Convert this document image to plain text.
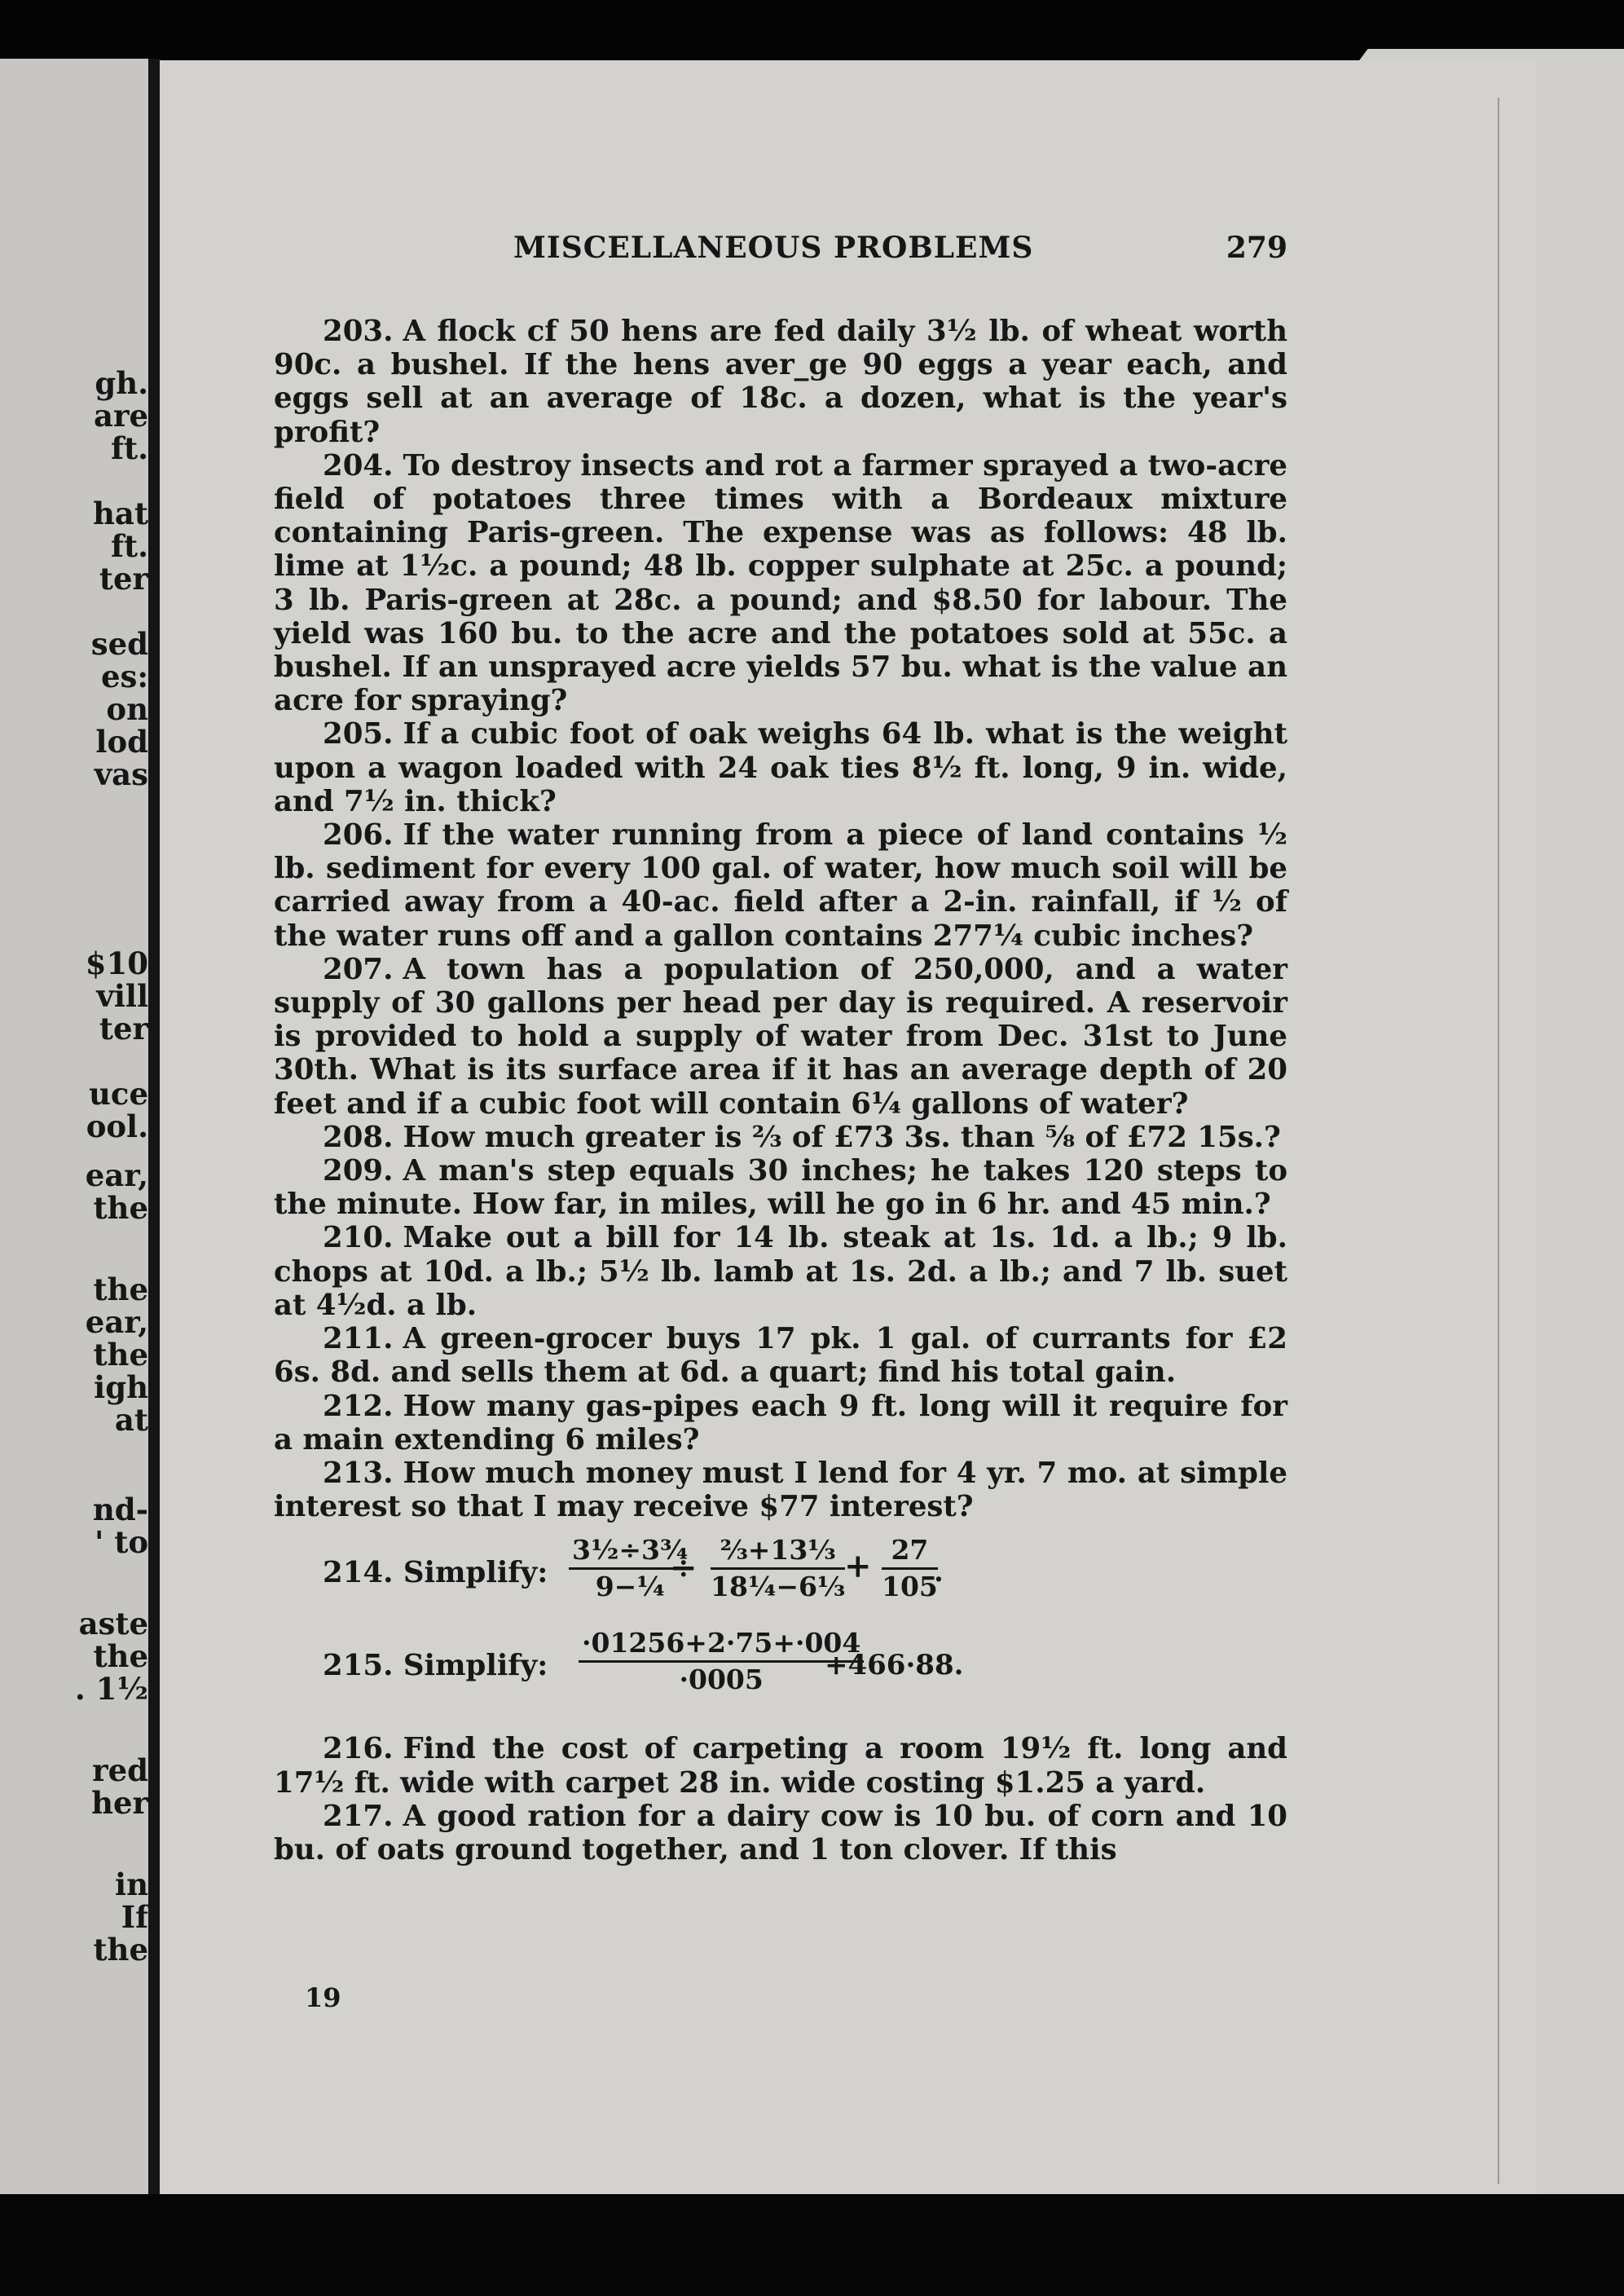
gh.
are
ft.
hat
ft.
ter
sed
es:
on
lod
vas
$10
vill
ter
uce
ool.
ear,
the
the
ear,
the
igh
at
nd-
' to
aste
the
. 1½
red
her
in
If
the
MISCELLANEOUS PROBLEMS	279

203. A flock cf 50 hens are fed daily 3½ lb. of wheat worth 90c. a bushel. If the hens aver_ge 90 eggs a year each, and eggs sell at an average of 18c. a dozen, what is the year's profit?

204. To destroy insects and rot a farmer sprayed a two-acre field of potatoes three times with a Bordeaux mixture containing Paris-green. The expense was as follows: 48 lb. lime at 1½c. a pound; 48 lb. copper sulphate at 25c. a pound; 3 lb. Paris-green at 28c. a pound; and $8.50 for labour. The yield was 160 bu. to the acre and the potatoes sold at 55c. a bushel. If an unsprayed acre yields 57 bu. what is the value an acre for spraying?

205. If a cubic foot of oak weighs 64 lb. what is the weight upon a wagon loaded with 24 oak ties 8½ ft. long, 9 in. wide, and 7½ in. thick?

206. If the water running from a piece of land contains ½ lb. sediment for every 100 gal. of water, how much soil will be carried away from a 40-ac. field after a 2-in. rainfall, if ½ of the water runs off and a gallon contains 277¼ cubic inches?

207. A town has a population of 250,000, and a water supply of 30 gallons per head per day is required. A reservoir is provided to hold a supply of water from Dec. 31st to June 30th. What is its surface area if it has an average depth of 20 feet and if a cubic foot will contain 6¼ gallons of water?

208. How much greater is ⅔ of £73 3s. than ⅝ of £72 15s.?

209. A man's step equals 30 inches; he takes 120 steps to the minute. How far, in miles, will he go in 6 hr. and 45 min.?

210. Make out a bill for 14 lb. steak at 1s. 1d. a lb.; 9 lb. chops at 10d. a lb.; 5½ lb. lamb at 1s. 2d. a lb.; and 7 lb. suet at 4½d. a lb.

211. A green-grocer buys 17 pk. 1 gal. of currants for £2 6s. 8d. and sells them at 6d. a quart; find his total gain.

212. How many gas-pipes each 9 ft. long will it require for a main extending 6 miles?

213. How much money must I lend for 4 yr. 7 mo. at simple interest so that I may receive $77 interest?

214. Simplify: $\frac{\text{3½÷3¾}}{\text{9−¼}}$
÷ $\frac{\text{⅔+13⅓}}{\text{18¼−6⅓}}$
+ $\frac{27}{105}$
.
215. Simplify: $\frac{\cdot 01256+2\cdot 75+\cdot 004}{\cdot 0005}$
+466·88.

216. Find the cost of carpeting a room 19½ ft. long and 17½ ft. wide with carpet 28 in. wide costing $1.25 a yard.

217. A good ration for a dairy cow is 10 bu. of corn and 10 bu. of oats ground together, and 1 ton clover. If this

19
